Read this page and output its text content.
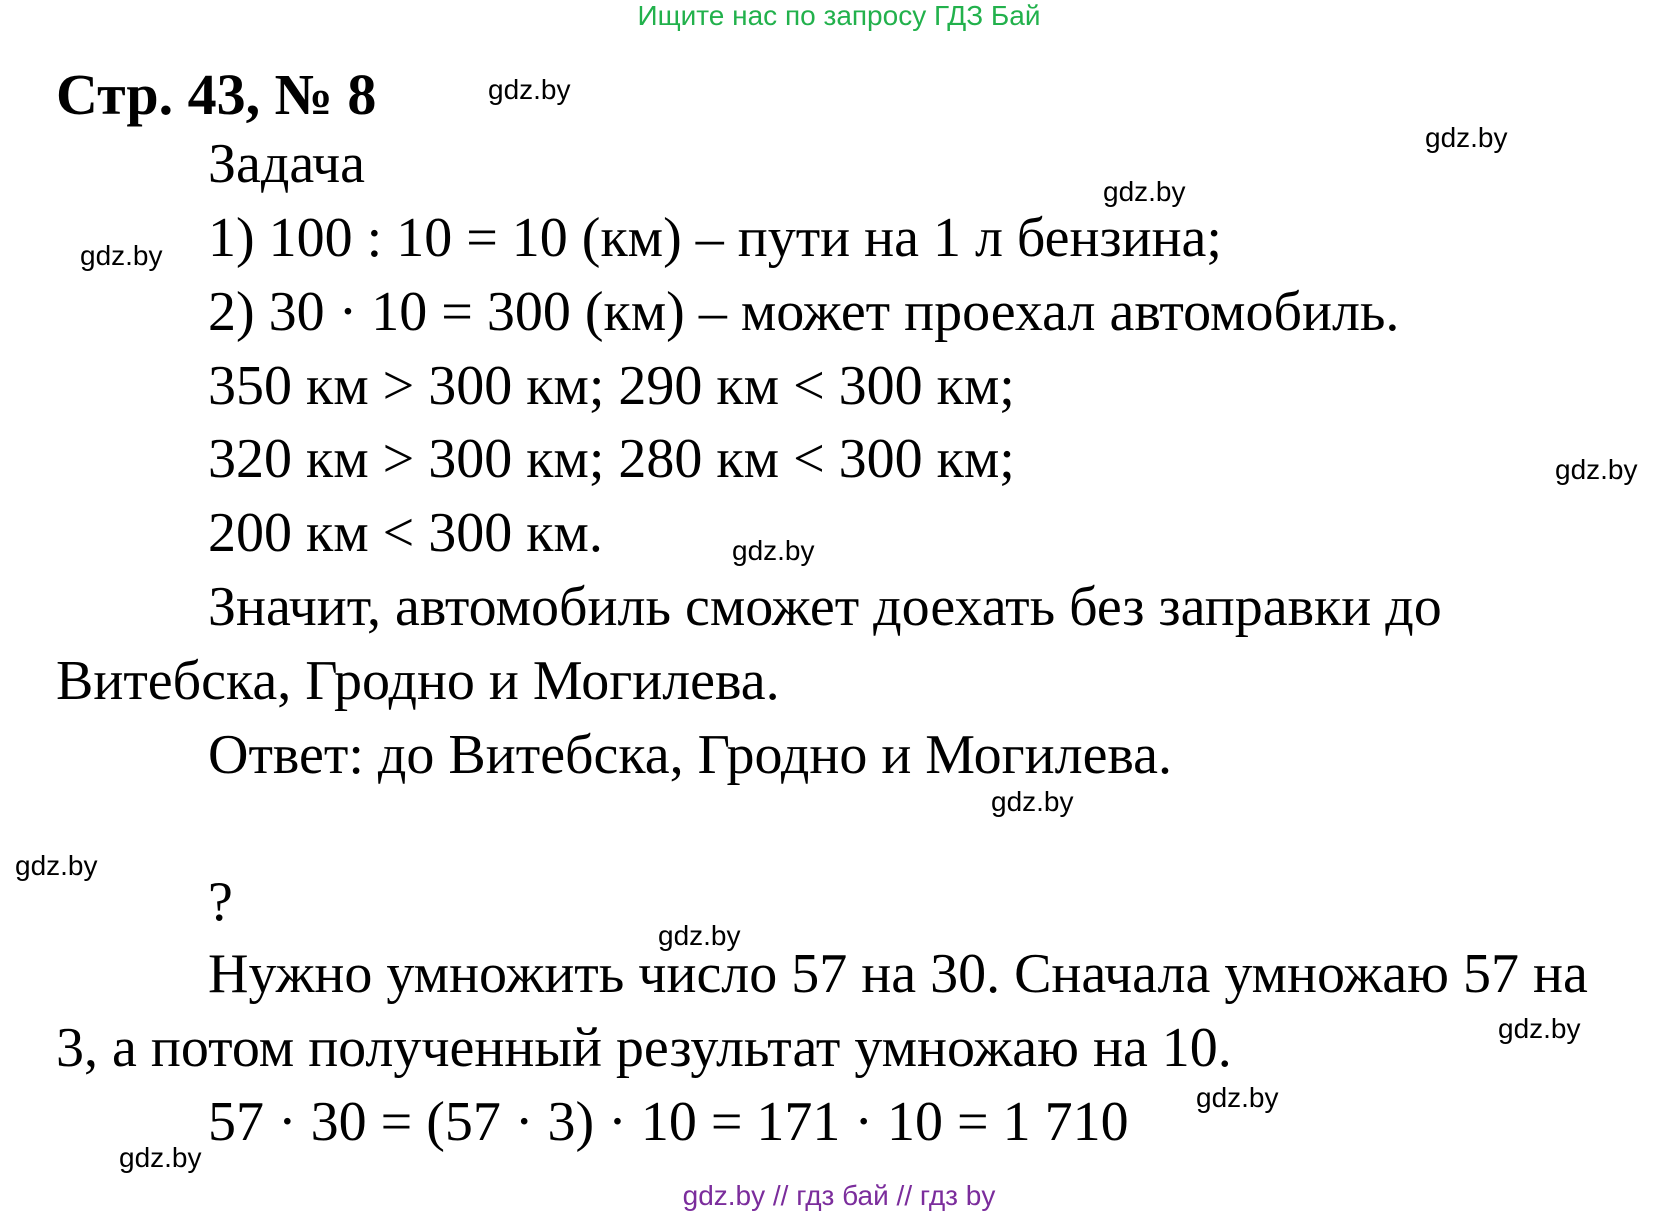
Ищите нас по запросу ГДЗ Бай
Стр. 43, № 8
Задача
1) 100 : 10 = 10 (км) – пути на 1 л бензина;
2) 30 · 10 = 300 (км) – может проехал автомобиль.
350 км > 300 км; 290 км < 300 км;
320 км > 300 км; 280 км < 300 км;
200 км < 300 км.
Значит, автомобиль сможет доехать без заправки до
Витебска, Гродно и Могилева.
Ответ: до Витебска, Гродно и Могилева.
?
Нужно умножить число 57 на 30. Сначала умножаю 57 на
3, а потом полученный результат умножаю на 10.
57 · 30 = (57 · 3) · 10 = 171 · 10 = 1 710
gdz.by
gdz.by
gdz.by
gdz.by
gdz.by
gdz.by
gdz.by
gdz.by
gdz.by
gdz.by
gdz.by
gdz.by
gdz.by // гдз бай // гдз by
